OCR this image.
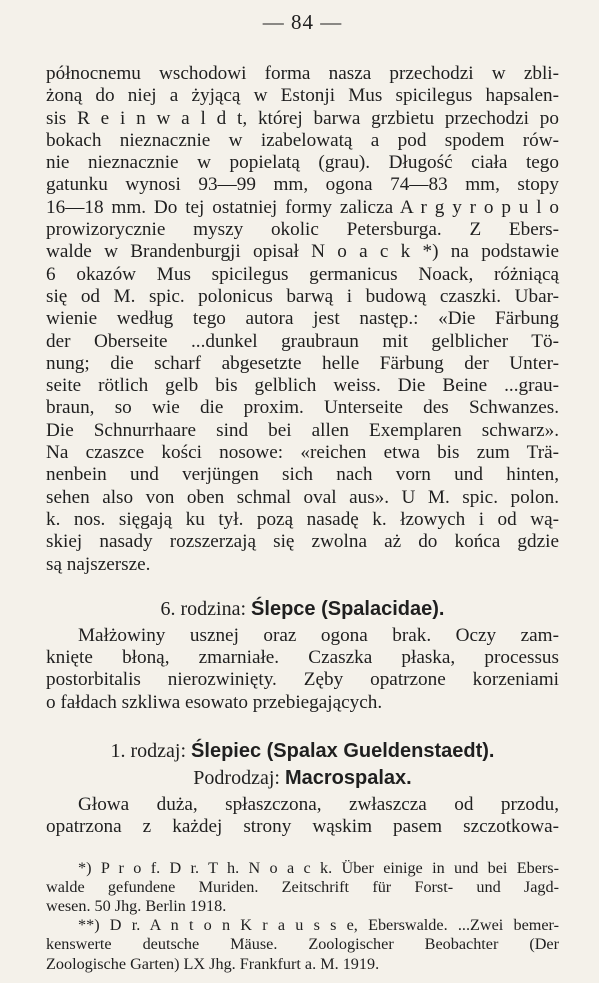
— 84 —
północnemu wschodowi forma nasza przechodzi w zbli-
żoną do niej a żyjącą w Estonji Mus spicilegus hapsalen-
sis R e i n w a l d t, której barwa grzbietu przechodzi po
bokach nieznacznie w izabelowatą a pod spodem rów-
nie nieznacznie w popielatą (grau). Długość ciała tego
gatunku wynosi 93—99 mm, ogona 74—83 mm, stopy
16—18 mm. Do tej ostatniej formy zalicza A r g y r o p u l o
prowizorycznie myszy okolic Petersburga. Z Ebers-
walde w Brandenburgji opisał N o a c k *) na podstawie
6 okazów Mus spicilegus germanicus Noack, różniącą
się od M. spic. polonicus barwą i budową czaszki. Ubar-
wienie według tego autora jest następ.: «Die Färbung
der Oberseite ...dunkel graubraun mit gelblicher Tö-
nung; die scharf abgesetzte helle Färbung der Unter-
seite rötlich gelb bis gelblich weiss. Die Beine ...grau-
braun, so wie die proxim. Unterseite des Schwanzes.
Die Schnurrhaare sind bei allen Exemplaren schwarz».
Na czaszce kości nosowe: «reichen etwa bis zum Trä-
nenbein und verjüngen sich nach vorn und hinten,
sehen also von oben schmal oval aus». U M. spic. polon.
k. nos. sięgają ku tył. pozą nasadę k. łzowych i od wą-
skiej nasady rozszerzają się zwolna aż do końca gdzie
są najszersze.
6. rodzina: Ślepce (Spalacidae).
Małżowiny usznej oraz ogona brak. Oczy zam-
knięte błoną, zmarniałe. Czaszka płaska, processus
postorbitalis nierozwinięty. Zęby opatrzone korzeniami
o fałdach szkliwa esowato przebiegających.
1. rodzaj: Ślepiec (Spalax Gueldenstaedt).
Podrodzaj: Macrospalax.
Głowa duża, spłaszczona, zwłaszcza od przodu,
opatrzona z każdej strony wąskim pasem szczotkowa-
*) P r o f. D r. T h. N o a c k. Über einige in und bei Ebers-
walde gefundene Muriden. Zeitschrift für Forst- und Jagd-
wesen. 50 Jhg. Berlin 1918.
**) D r. A n t o n K r a u s s e, Eberswalde. ...Zwei bemer-
kenswerte deutsche Mäuse. Zoologischer Beobachter (Der
Zoologische Garten) LX Jhg. Frankfurt a. M. 1919.
